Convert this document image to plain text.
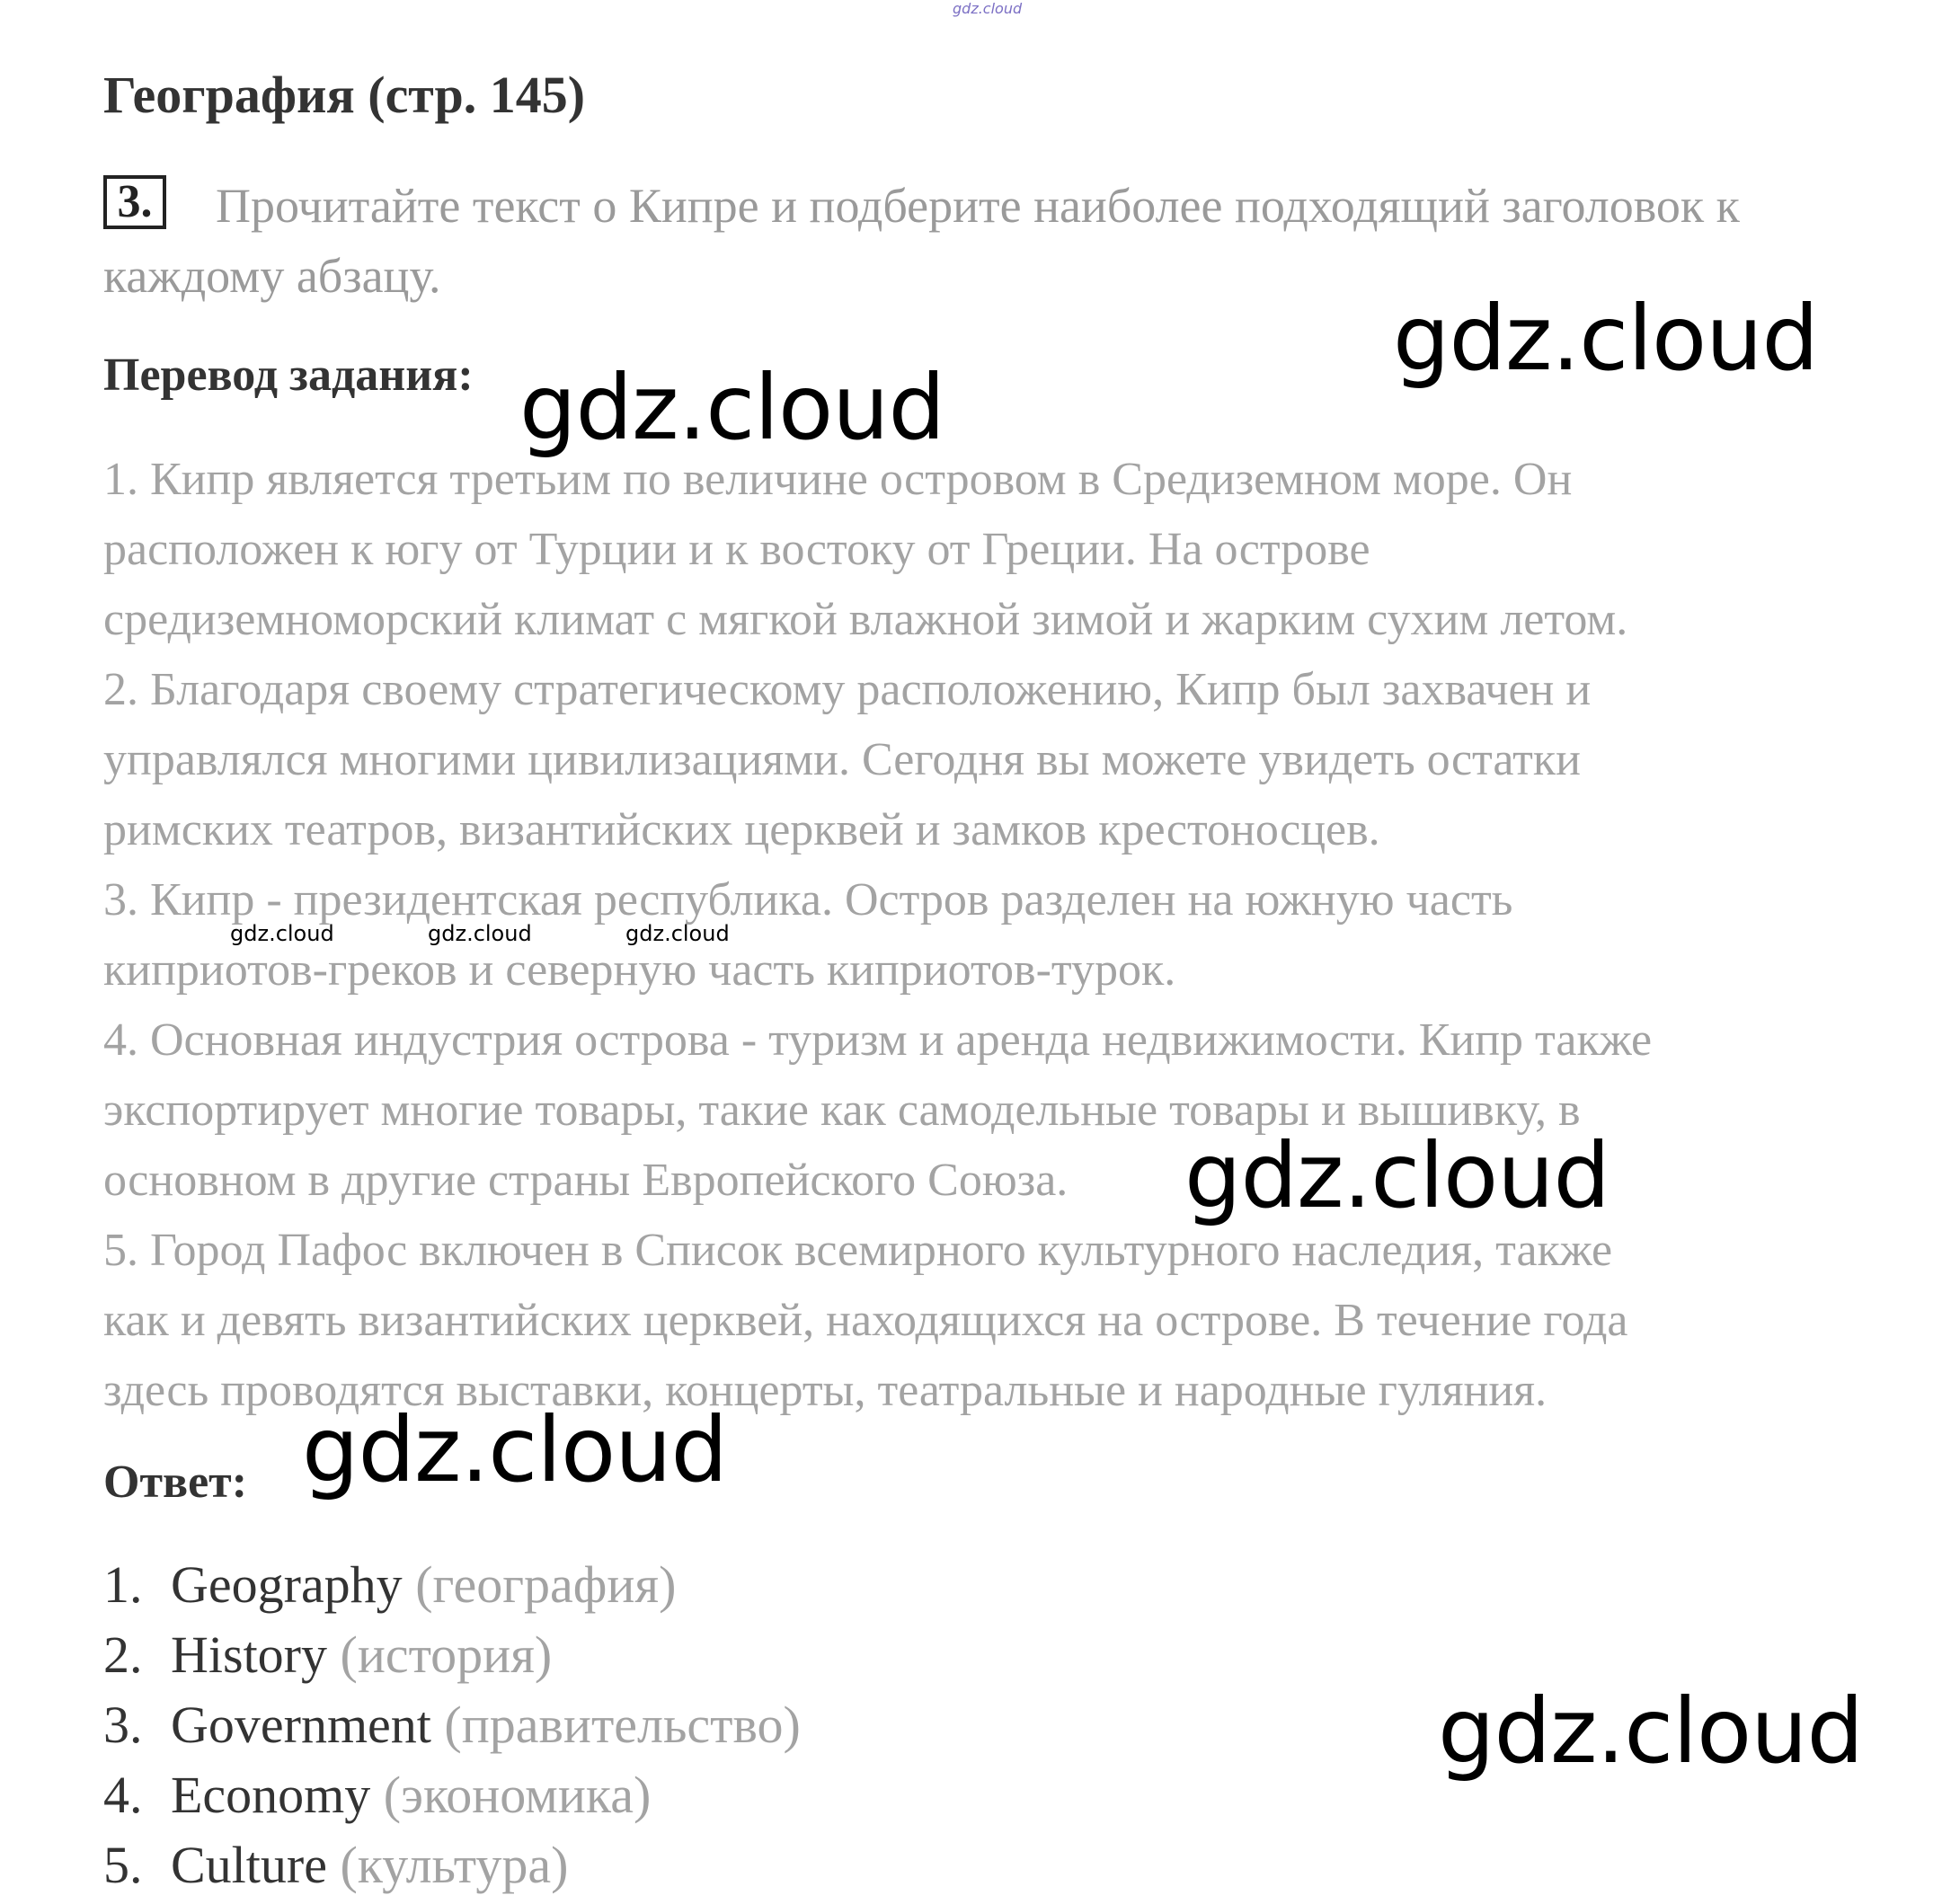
gdz.cloud
География (стр. 145)
Прочитайте текст о Кипре и подберите наиболее подходящий заголовок к каждому абзацу.
3.
Перевод задания:
1. Кипр является третьим по величине островом в Средиземном море. Он
расположен к югу от Турции и к востоку от Греции. На острове
средиземноморский климат с мягкой влажной зимой и жарким сухим летом.
2. Благодаря своему стратегическому расположению, Кипр был захвачен и
управлялся многими цивилизациями. Сегодня вы можете увидеть остатки
римских театров, византийских церквей и замков крестоносцев.
3. Кипр - президентская республика. Остров разделен на южную часть
киприотов-греков и северную часть киприотов-турок.
4. Основная индустрия острова - туризм и аренда недвижимости. Кипр также
экспортирует многие товары, такие как самодельные товары и вышивку, в
основном в другие страны Европейского Союза.
5. Город Пафос включен в Список всемирного культурного наследия, также
как и девять византийских церквей, находящихся на острове. В течение года
здесь проводятся выставки, концерты, театральные и народные гуляния.
Ответ:
1. Geography (география)
2. History (история)
3. Government (правительство)
4. Economy (экономика)
5. Culture (культура)
gdz.cloud
gdz.cloud
gdz.cloud
gdz.cloud
gdz.cloud
gdz.cloud	gdz.cloud	gdz.cloud
